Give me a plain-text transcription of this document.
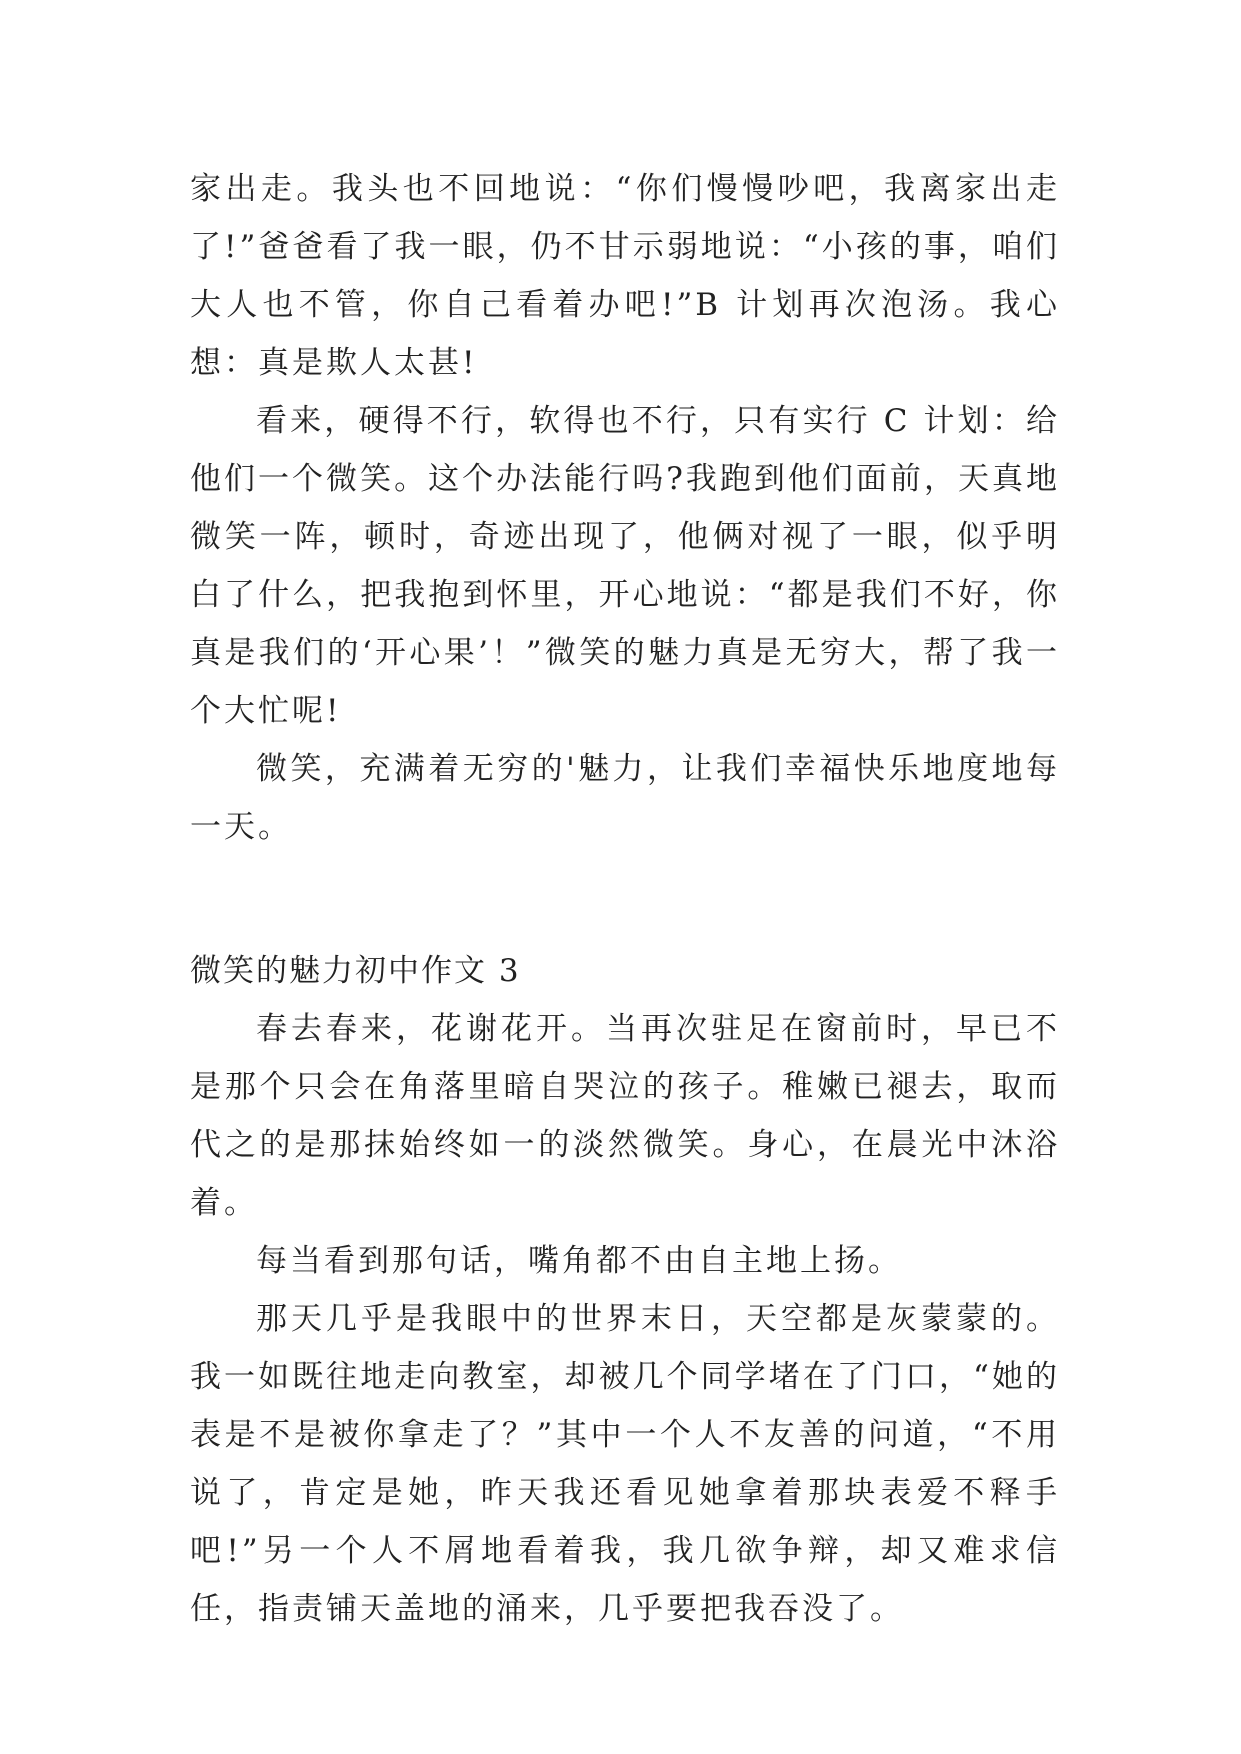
家出走。我头也不回地说：“你们慢慢吵吧，我离家出走了!”爸爸看了我一眼，仍不甘示弱地说：“小孩的事，咱们大人也不管，你自己看着办吧!”B 计划再次泡汤。我心想：真是欺人太甚!

看来，硬得不行，软得也不行，只有实行 C 计划：给他们一个微笑。这个办法能行吗?我跑到他们面前，天真地微笑一阵，顿时，奇迹出现了，他俩对视了一眼，似乎明白了什么，把我抱到怀里，开心地说：“都是我们不好，你真是我们的‘开心果’！”微笑的魅力真是无穷大，帮了我一个大忙呢!

微笑，充满着无穷的'魅力，让我们幸福快乐地度地每一天。

微笑的魅力初中作文 3

春去春来，花谢花开。当再次驻足在窗前时，早已不是那个只会在角落里暗自哭泣的孩子。稚嫩已褪去，取而代之的是那抹始终如一的淡然微笑。身心，在晨光中沐浴着。

每当看到那句话，嘴角都不由自主地上扬。

那天几乎是我眼中的世界末日，天空都是灰蒙蒙的。我一如既往地走向教室，却被几个同学堵在了门口，“她的表是不是被你拿走了？”其中一个人不友善的问道，“不用说了，肯定是她，昨天我还看见她拿着那块表爱不释手吧!”另一个人不屑地看着我，我几欲争辩，却又难求信任，指责铺天盖地的涌来，几乎要把我吞没了。
